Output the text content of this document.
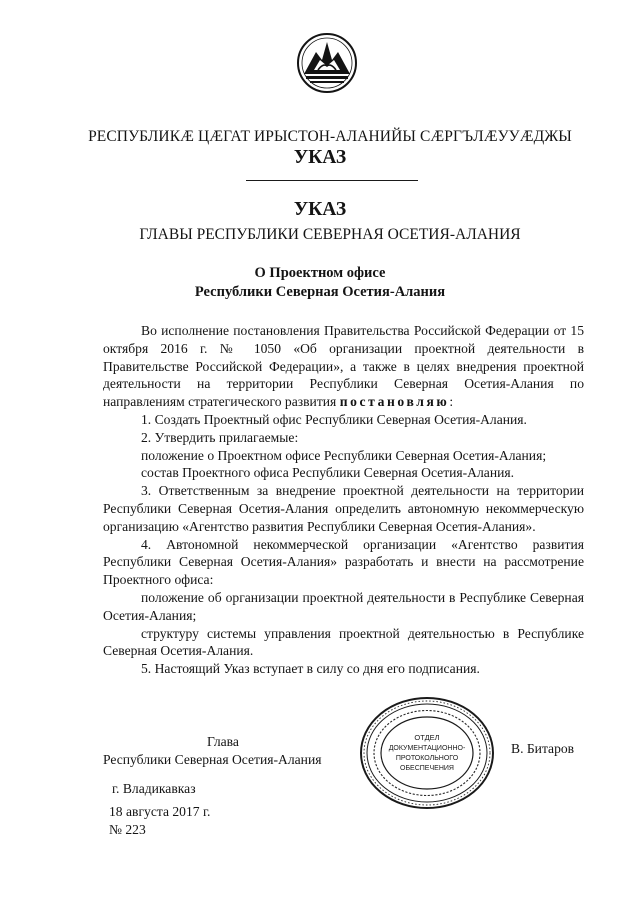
РЕСПУБЛИКӔ ЦӔГАТ ИРЫСТОН-АЛАНИЙЫ СӔРГЪЛӔУУӔДЖЫ
УКАЗ
УКАЗ
ГЛАВЫ РЕСПУБЛИКИ СЕВЕРНАЯ ОСЕТИЯ-АЛАНИЯ
О Проектном офисе
Республики Северная Осетия-Алания

Во исполнение постановления Правительства Российской Федерации от 15 октября 2016 г. № 1050 «Об организации проектной деятельности в Правительстве Российской Федерации», а также в целях внедрения проектной деятельности на территории Республики Северная Осетия-Алания по направлениям стратегического развития постановляю:

1. Создать Проектный офис Республики Северная Осетия-Алания.

2. Утвердить прилагаемые:

положение о Проектном офисе Республики Северная Осетия-Алания;

состав Проектного офиса Республики Северная Осетия-Алания.

3. Ответственным за внедрение проектной деятельности на территории Республики Северная Осетия-Алания определить автономную некоммерческую организацию «Агентство развития Республики Северная Осетия-Алания».

4. Автономной некоммерческой организации «Агентство развития Республики Северная Осетия-Алания» разработать и внести на рассмотрение Проектного офиса:

положение об организации проектной деятельности в Республике Северная Осетия-Алания;

структуру системы управления проектной деятельностью в Республике Северная Осетия-Алания.

5. Настоящий Указ вступает в силу со дня его подписания.

Глава
Республики Северная Осетия-Алания
ОТДЕЛ
ДОКУМЕНТАЦИОННО-
ПРОТОКОЛЬНОГО
ОБЕСПЕЧЕНИЯ
В. Битаров
г. Владикавказ
18 августа 2017 г.
№ 223
